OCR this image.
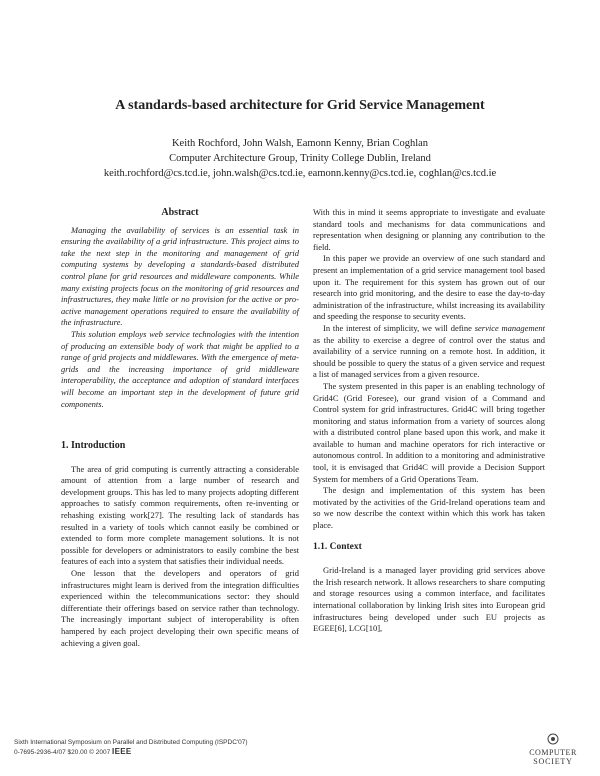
A standards-based architecture for Grid Service Management
Keith Rochford, John Walsh, Eamonn Kenny, Brian Coghlan
Computer Architecture Group, Trinity College Dublin, Ireland
keith.rochford@cs.tcd.ie, john.walsh@cs.tcd.ie, eamonn.kenny@cs.tcd.ie, coghlan@cs.tcd.ie
Abstract

Managing the availability of services is an essential task in ensuring the availability of a grid infrastructure. This project aims to take the next step in the monitoring and management of grid computing systems by developing a standards-based distributed control plane for grid resources and middleware components. While many existing projects focus on the monitoring of grid resources and infrastructures, they make little or no provision for the active or pro-active management operations required to ensure the availability of the infrastructure.

This solution employs web service technologies with the intention of producing an extensible body of work that might be applied to a range of grid projects and middlewares. With the emergence of meta-grids and the increasing importance of grid middleware interoperability, the acceptance and adoption of standard interfaces will become an important step in the development of future grid components.

1. Introduction

The area of grid computing is currently attracting a considerable amount of attention from a large number of research and development groups. This has led to many projects adopting different approaches to satisfy common requirements, often re-inventing or rehashing existing work[27]. The resulting lack of standards has resulted in a variety of tools which cannot easily be combined or extended to form more complete management solutions. It is not possible for developers or administrators to easily combine the best features of each into a system that satisfies their individual needs.

One lesson that the developers and operators of grid infrastructures might learn is derived from the integration difficulties experienced within the telecommunications sector: they should differentiate their offerings based on service rather than technology. The increasingly important subject of interoperability is often hampered by each project developing their own specific means of achieving a given goal.

With this in mind it seems appropriate to investigate and evaluate standard tools and mechanisms for data communications and representation when designing or planning any contribution to the field.

In this paper we provide an overview of one such standard and present an implementation of a grid service management tool based upon it. The requirement for this system has grown out of our research into grid monitoring, and the desire to ease the day-to-day administration of the infrastructure, whilst increasing its availability and speeding the response to security events.

In the interest of simplicity, we will define service management as the ability to exercise a degree of control over the status and availability of a service running on a remote host. In addition, it should be possible to query the status of a given service and request a list of managed services from a given resource.

The system presented in this paper is an enabling technology of Grid4C (Grid Foresee), our grand vision of a Command and Control system for grid infrastructures. Grid4C will bring together monitoring and status information from a variety of sources along with a distributed control plane based upon this work, and make it available to human and machine operators for rich interactive or autonomous control. In addition to a monitoring and administrative tool, it is envisaged that Grid4C will provide a Decision Support System for members of a Grid Operations Team.

The design and implementation of this system has been motivated by the activities of the Grid-Ireland operations team and so we now describe the context within which this work has taken place.

1.1. Context

Grid-Ireland is a managed layer providing grid services above the Irish research network. It allows researchers to share computing and storage resources using a common interface, and facilitates international collaboration by linking Irish sites into European grid infrastructures being developed under such EU projects as EGEE[6], LCG[10],

Sixth International Symposium on Parallel and Distributed Computing (ISPDC'07)
0-7695-2936-4/07 $20.00 © 2007 IEEE	COMPUTER
SOCIETY
